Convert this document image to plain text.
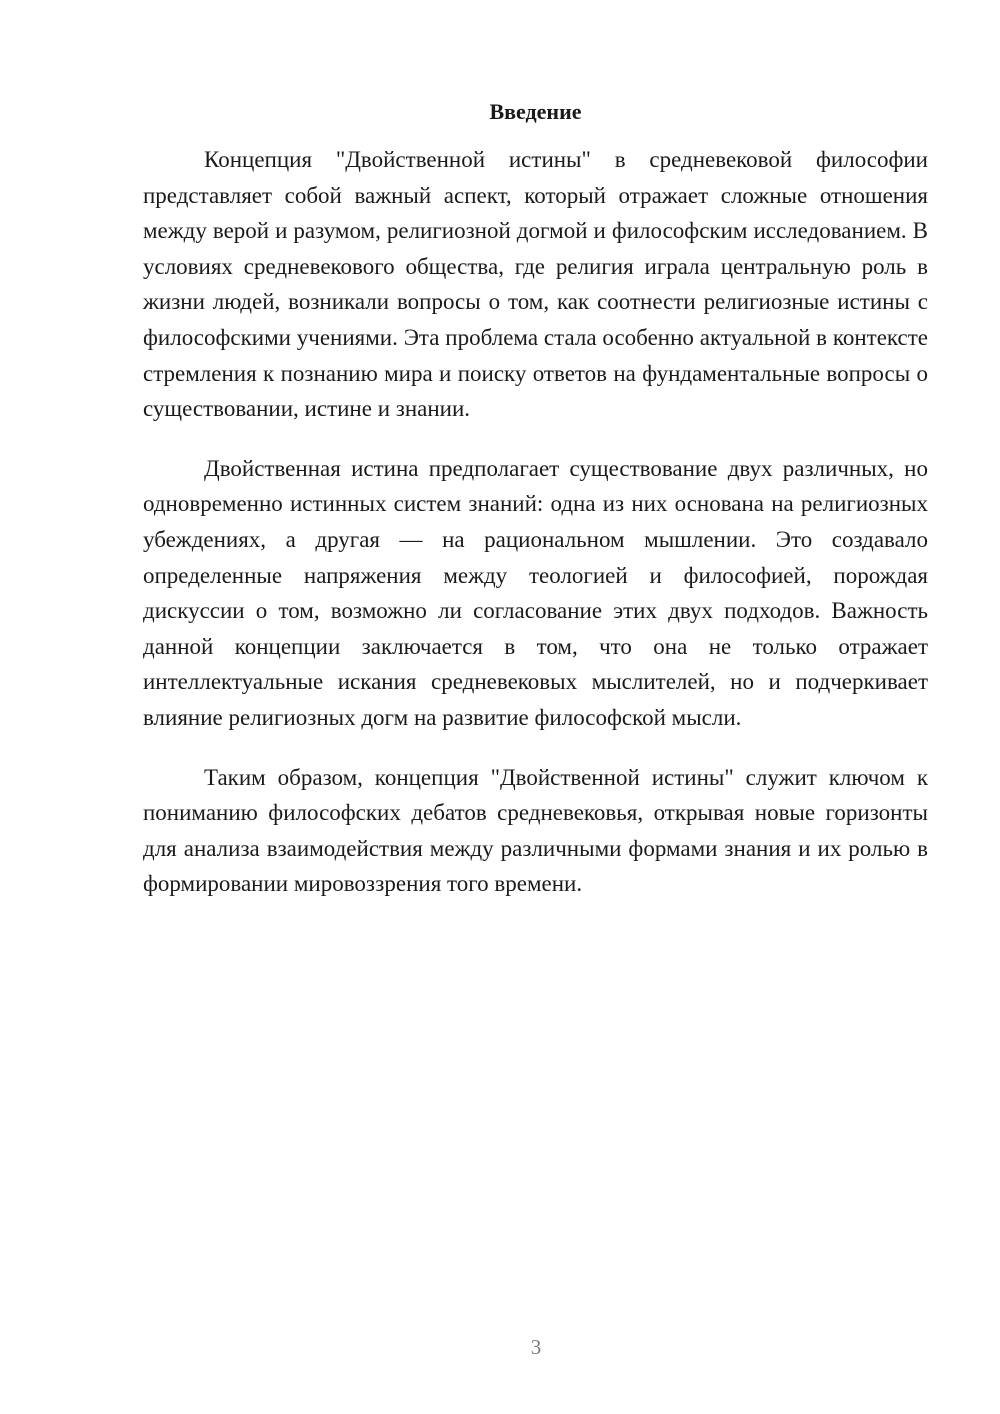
Введение

Концепция "Двойственной истины" в средневековой философии представляет собой важный аспект, который отражает сложные отношения между верой и разумом, религиозной догмой и философским исследованием. В условиях средневекового общества, где религия играла центральную роль в жизни людей, возникали вопросы о том, как соотнести религиозные истины с философскими учениями. Эта проблема стала особенно актуальной в контексте стремления к познанию мира и поиску ответов на фундаментальные вопросы о существовании, истине и знании.

Двойственная истина предполагает существование двух различных, но одновременно истинных систем знаний: одна из них основана на религиозных убеждениях, а другая — на рациональном мышлении. Это создавало определенные напряжения между теологией и философией, порождая дискуссии о том, возможно ли согласование этих двух подходов. Важность данной концепции заключается в том, что она не только отражает интеллектуальные искания средневековых мыслителей, но и подчеркивает влияние религиозных догм на развитие философской мысли.

Таким образом, концепция "Двойственной истины" служит ключом к пониманию философских дебатов средневековья, открывая новые горизонты для анализа взаимодействия между различными формами знания и их ролью в формировании мировоззрения того времени.

3
